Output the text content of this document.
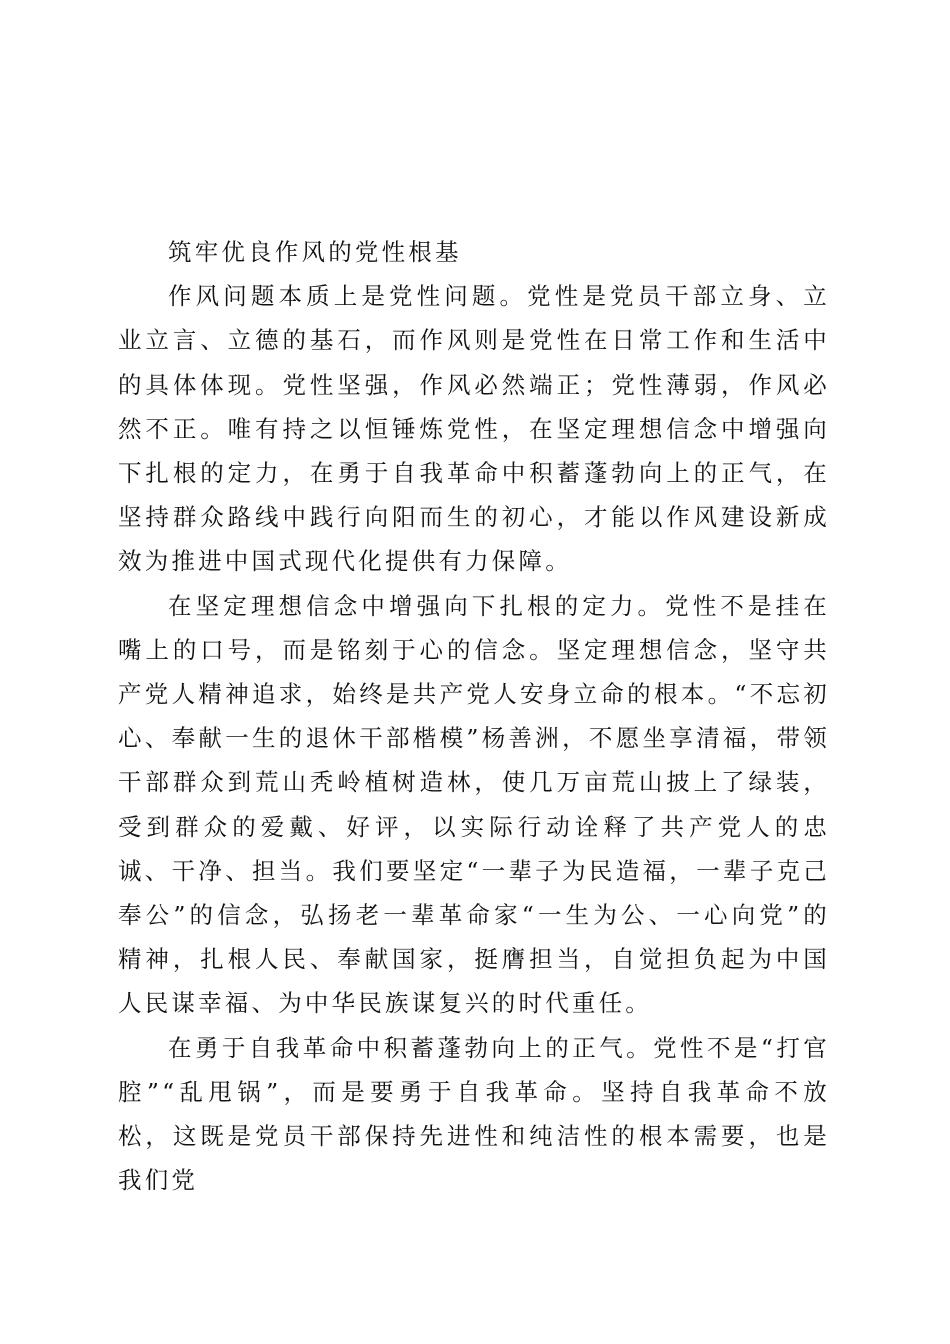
筑牢优良作风的党性根基

作风问题本质上是党性问题。党性是党员干部立身、立业立言、立德的基石，而作风则是党性在日常工作和生活中的具体体现。党性坚强，作风必然端正；党性薄弱，作风必然不正。唯有持之以恒锤炼党性，在坚定理想信念中增强向下扎根的定力，在勇于自我革命中积蓄蓬勃向上的正气，在坚持群众路线中践行向阳而生的初心，才能以作风建设新成效为推进中国式现代化提供有力保障。

在坚定理想信念中增强向下扎根的定力。党性不是挂在嘴上的口号，而是铭刻于心的信念。坚定理想信念，坚守共产党人精神追求，始终是共产党人安身立命的根本。“不忘初心、奉献一生的退休干部楷模”杨善洲，不愿坐享清福，带领干部群众到荒山秃岭植树造林，使几万亩荒山披上了绿装，受到群众的爱戴、好评，以实际行动诠释了共产党人的忠诚、干净、担当。我们要坚定“一辈子为民造福，一辈子克己奉公”的信念，弘扬老一辈革命家“一生为公、一心向党”的精神，扎根人民、奉献国家，挺膺担当，自觉担负起为中国人民谋幸福、为中华民族谋复兴的时代重任。

在勇于自我革命中积蓄蓬勃向上的正气。党性不是“打官腔”“乱甩锅”，而是要勇于自我革命。坚持自我革命不放松，这既是党员干部保持先进性和纯洁性的根本需要，也是我们党
